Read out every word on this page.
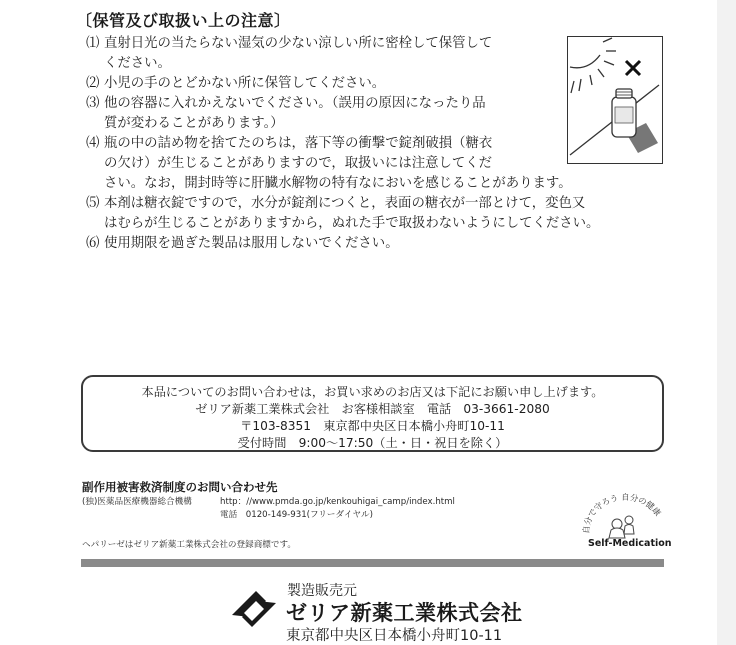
〔保管及び取扱い上の注意〕
⑴ 直射日光の当たらない湿気の少ない涼しい所に密栓して保管して
ください。
⑵ 小児の手のとどかない所に保管してください。
⑶ 他の容器に入れかえないでください。（誤用の原因になったり品
質が変わることがあります。）
⑷ 瓶の中の詰め物を捨てたのちは，落下等の衝撃で錠剤破損（糖衣
の欠け）が生じることがありますので，取扱いには注意してくだ
さい。なお，開封時等に肝臓水解物の特有なにおいを感じることがあります。
⑸ 本剤は糖衣錠ですので，水分が錠剤につくと，表面の糖衣が一部とけて，変色又
はむらが生じることがありますから，ぬれた手で取扱わないようにしてください。
⑹ 使用期限を過ぎた製品は服用しないでください。
本品についてのお問い合わせは，お買い求めのお店又は下記にお願い申し上げます。
ゼリア新薬工業株式会社　お客様相談室　電話　03-3661-2080
〒103-8351　東京都中央区日本橋小舟町10-11
受付時間　9:00～17:50（土・日・祝日を除く）
副作用被害救済制度のお問い合わせ先
(独)医薬品医療機器総合機構	http：//www.pmda.go.jp/kenkouhigai_camp/index.html
電話　0120-149-931(フリーダイヤル)
ヘパリーゼはゼリア新薬工業株式会社の登録商標です。
自分で守ろう 自分の健康
Self-Medication
製造販売元
ゼリア新薬工業株式会社
東京都中央区日本橋小舟町10-11
